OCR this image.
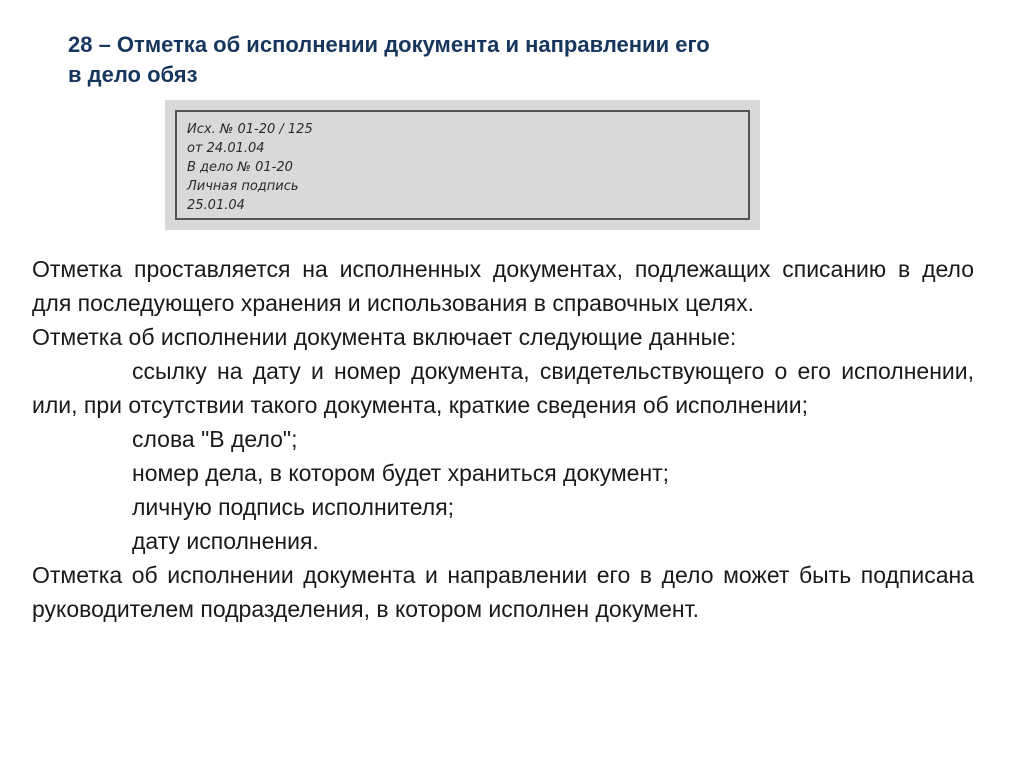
28 – Отметка об исполнении документа и направлении его
в дело обяз
Исх. № 01-20 / 125
от 24.01.04
В дело № 01-20
Личная подпись
25.01.04
Отметка проставляется на исполненных документах, подлежащих списанию в дело для последующего хранения и использования в справочных целях.
Отметка об исполнении документа включает следующие данные:
ссылку на дату и номер документа, свидетельствующего о его исполнении, или, при отсутствии такого документа, краткие сведения об исполнении;
слова "В дело";
номер дела, в котором будет храниться документ;
личную подпись исполнителя;
дату исполнения.
Отметка об исполнении документа и направлении его в дело может быть подписана руководителем подразделения, в котором исполнен документ.
